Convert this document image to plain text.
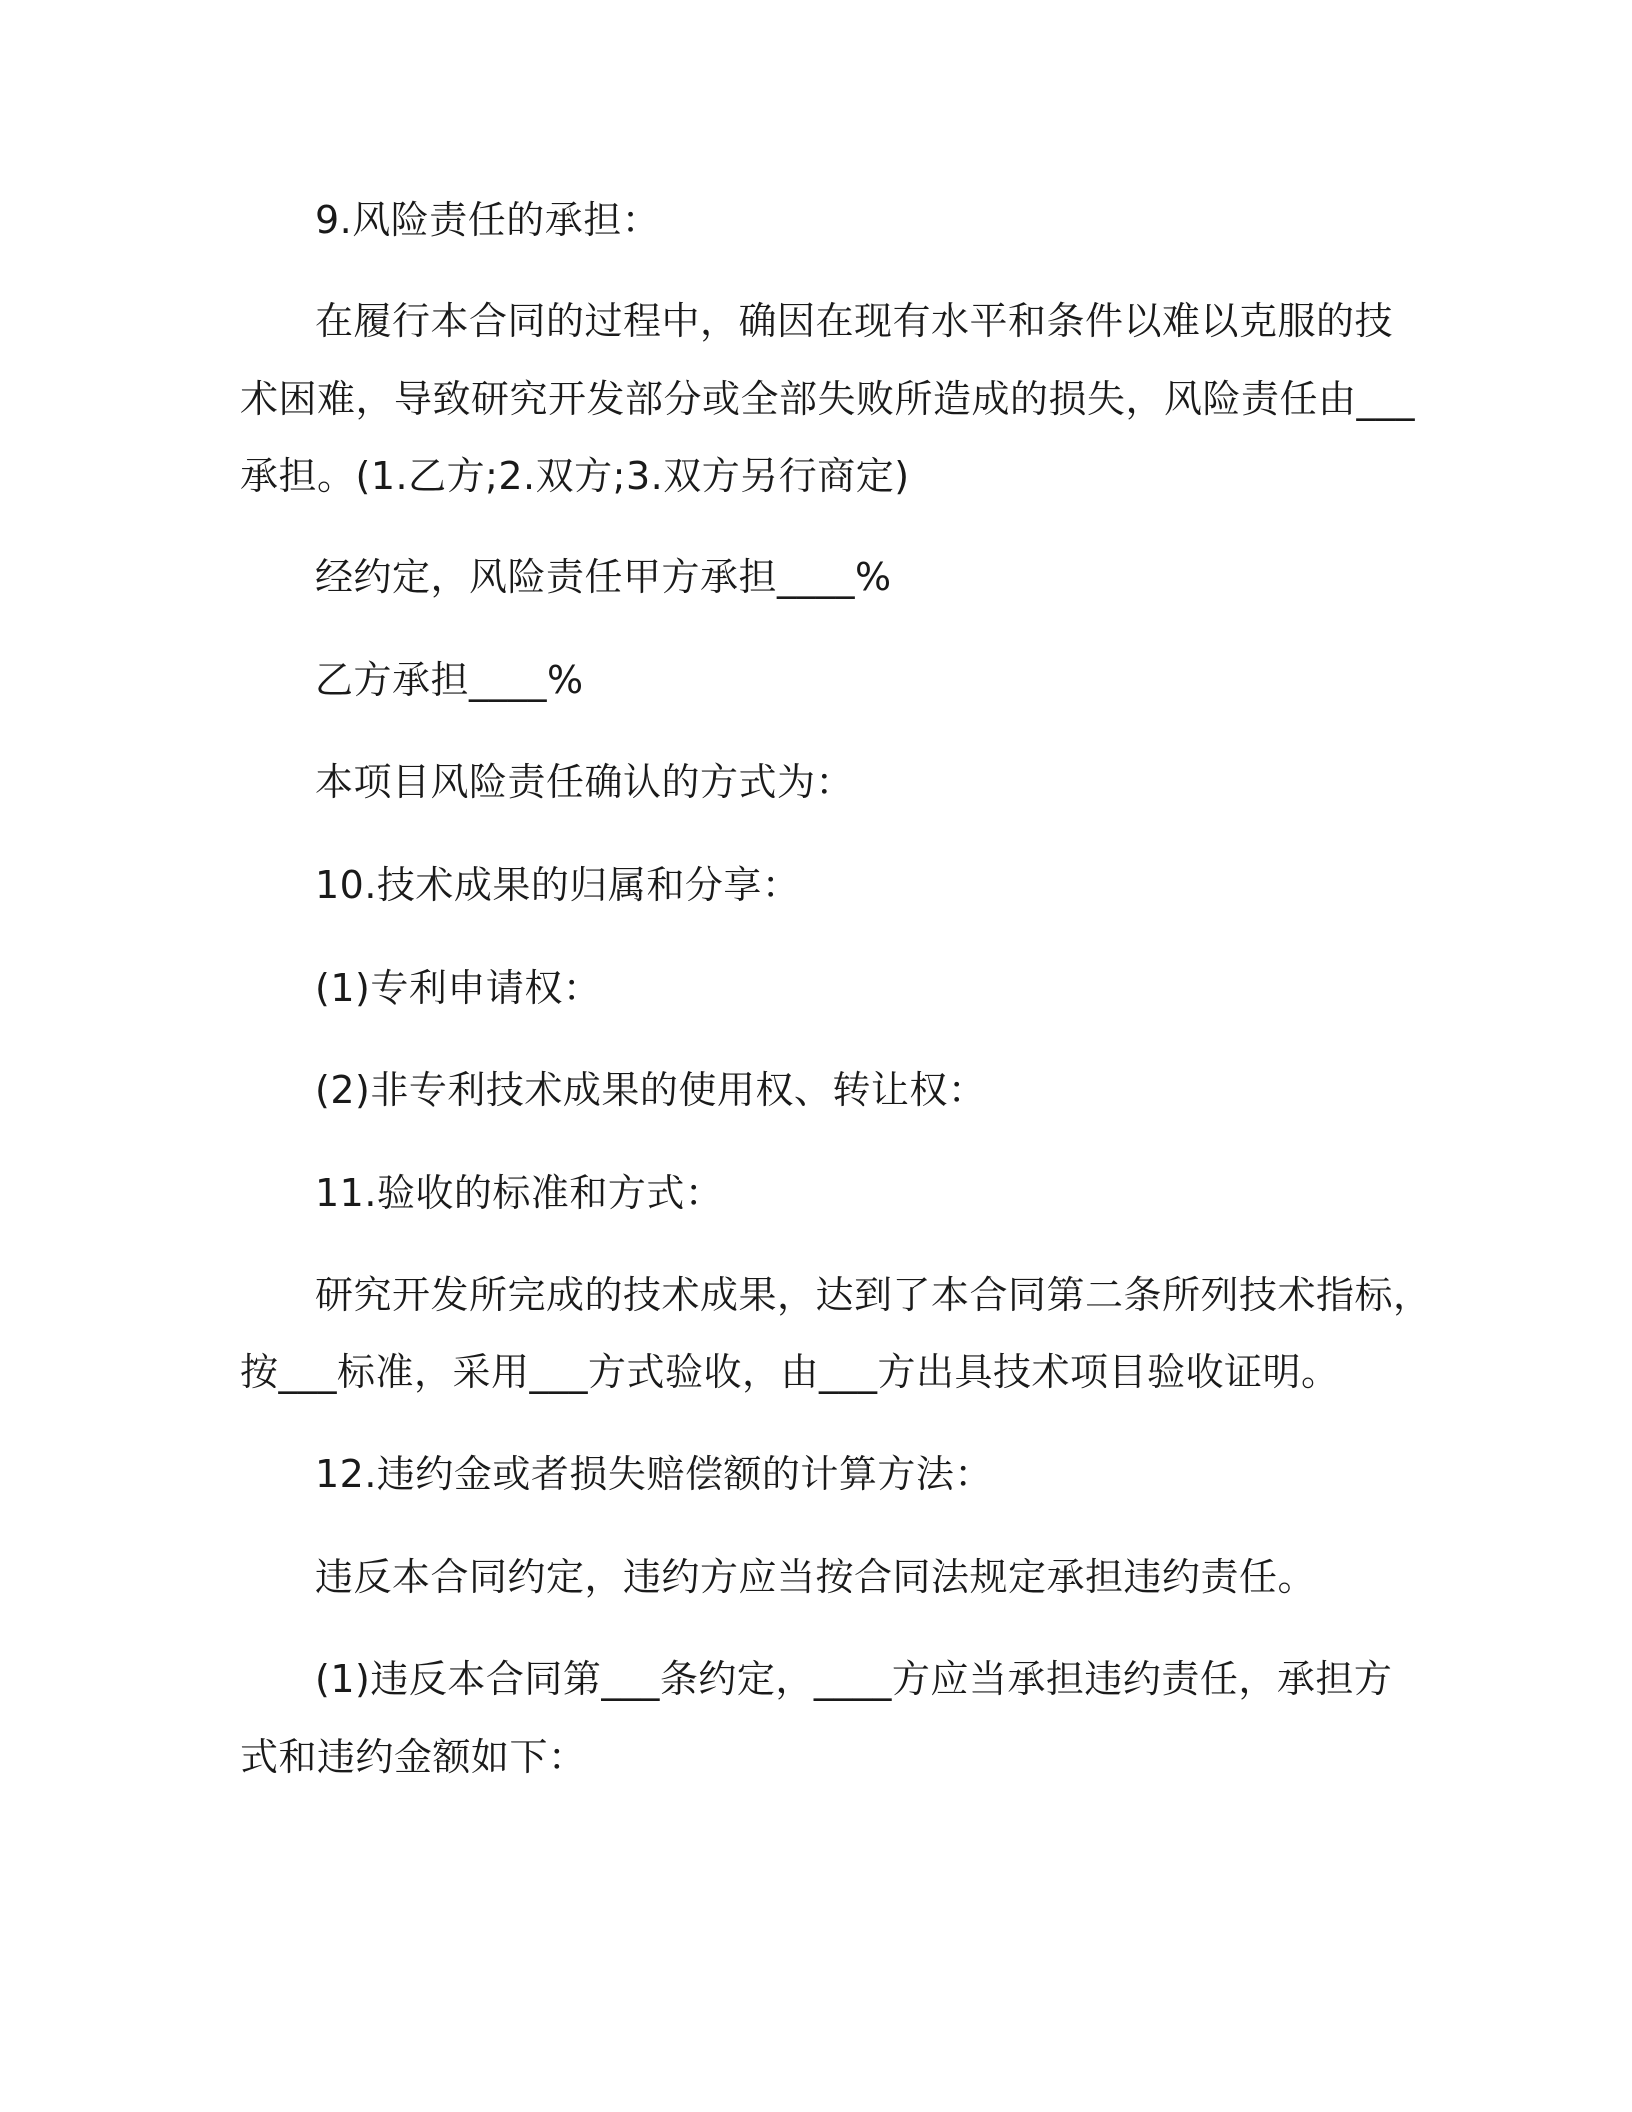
9.风险责任的承担：
在履行本合同的过程中，确因在现有水平和条件以难以克服的技
术困难，导致研究开发部分或全部失败所造成的损失，风险责任由___
承担。(1.乙方;2.双方;3.双方另行商定)
经约定，风险责任甲方承担____%
乙方承担____%
本项目风险责任确认的方式为：
10.技术成果的归属和分享：
(1)专利申请权：
(2)非专利技术成果的使用权、转让权：
11.验收的标准和方式：
研究开发所完成的技术成果，达到了本合同第二条所列技术指标，
按___标准，采用___方式验收，由___方出具技术项目验收证明。
12.违约金或者损失赔偿额的计算方法：
违反本合同约定，违约方应当按合同法规定承担违约责任。
(1)违反本合同第___条约定，____方应当承担违约责任，承担方
式和违约金额如下：
